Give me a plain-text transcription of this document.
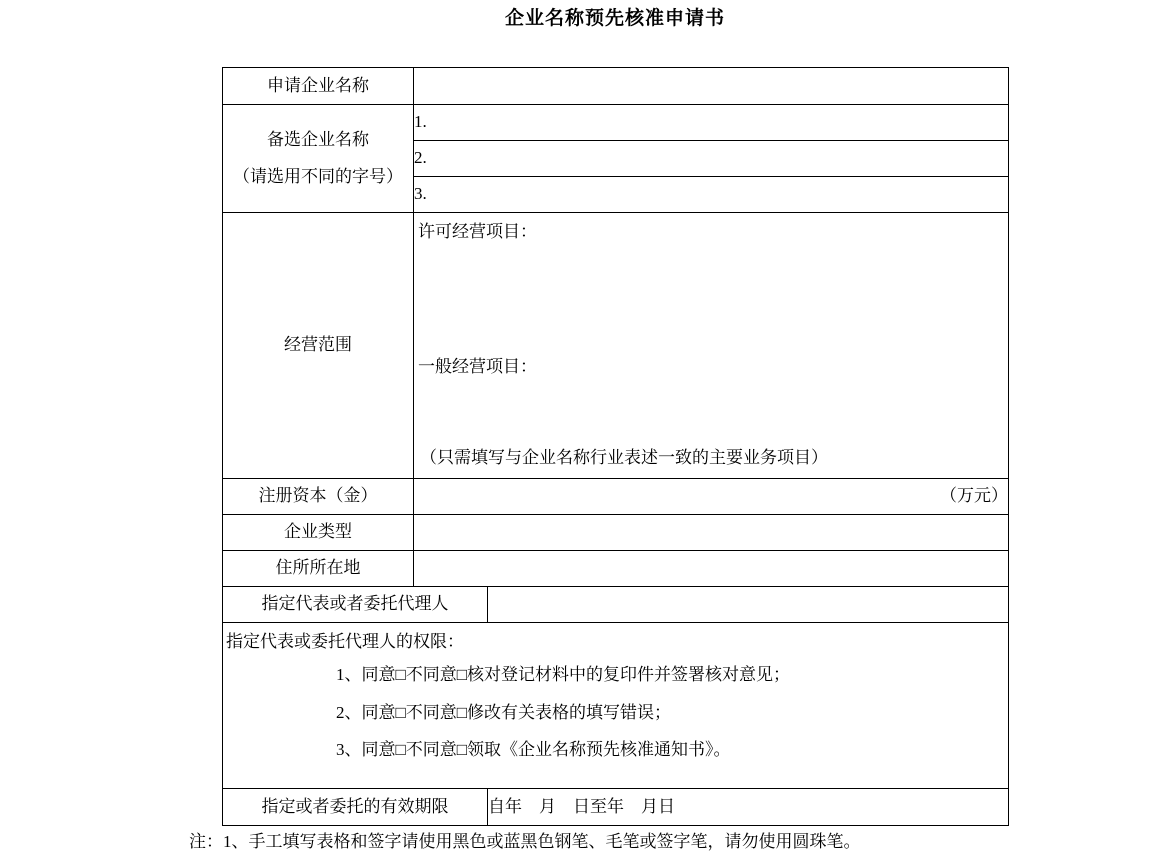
企业名称预先核准申请书
申请企业名称		

备选企业名称
（请选用不同的字号）	1.	
	2.	
	3.	
经营范围	许可经营项目：
一般经营项目：
（只需填写与企业名称行业表述一致的主要业务项目）	

注册资本（金）	（万元）	
企业类型		
住所所在地		
指定代表或者委托代理人		

指定代表或委托代理人的权限：
1、同意□不同意□核对登记材料中的复印件并签署核对意见；
2、同意□不同意□修改有关表格的填写错误；
3、同意□不同意□领取《企业名称预先核准通知书》。		

指定或者委托的有效期限		自年　月　日至年　月日
注：1、手工填写表格和签字请使用黑色或蓝黑色钢笔、毛笔或签字笔，请勿使用圆珠笔。
